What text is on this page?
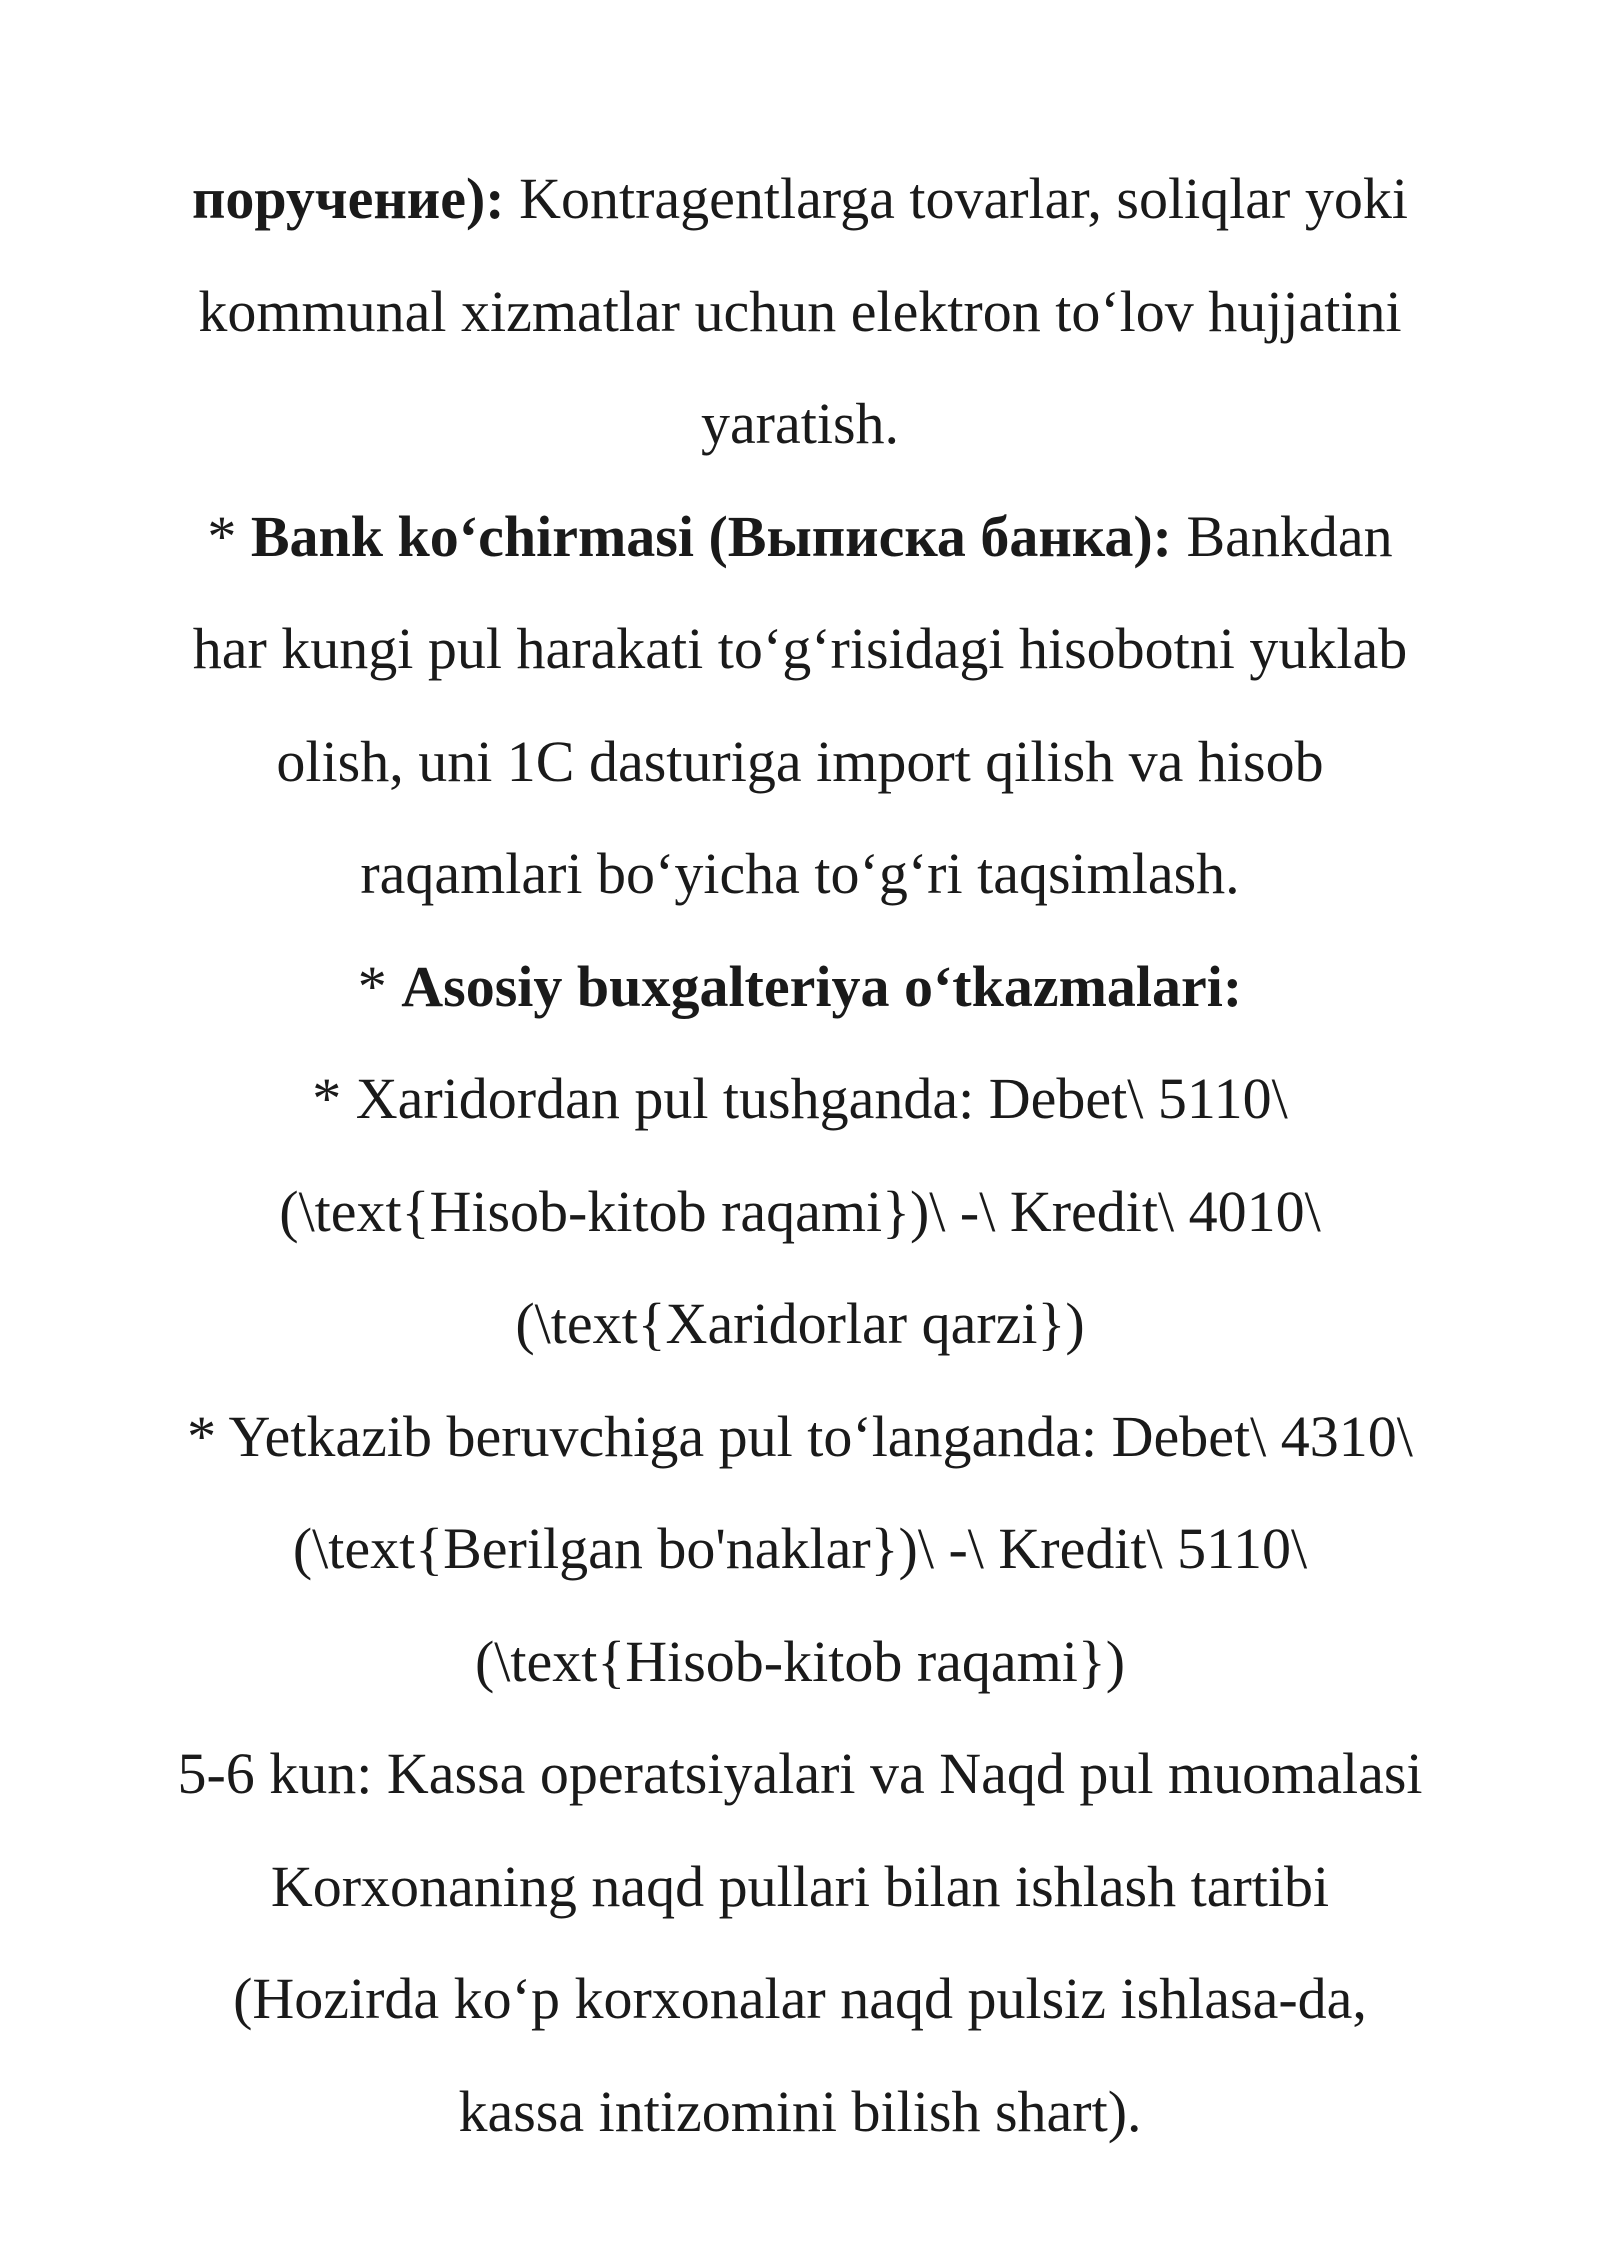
поручение): Kontragentlarga tovarlar, soliqlar yoki
kommunal xizmatlar uchun elektron to‘lov hujjatini
yaratish.
* Bank ko‘chirmasi (Выписка банка): Bankdan
har kungi pul harakati to‘g‘risidagi hisobotni yuklab
olish, uni 1C dasturiga import qilish va hisob
raqamlari bo‘yicha to‘g‘ri taqsimlash.
* Asosiy buxgalteriya o‘tkazmalari:
* Xaridordan pul tushganda: Debet\ 5110\
(\text{Hisob-kitob raqami})\ -\ Kredit\ 4010\
(\text{Xaridorlar qarzi})
* Yetkazib beruvchiga pul to‘langanda: Debet\ 4310\
(\text{Berilgan bo'naklar})\ -\ Kredit\ 5110\
(\text{Hisob-kitob raqami})
5-6 kun: Kassa operatsiyalari va Naqd pul muomalasi
Korxonaning naqd pullari bilan ishlash tartibi
(Hozirda ko‘p korxonalar naqd pulsiz ishlasa-da,
kassa intizomini bilish shart).
